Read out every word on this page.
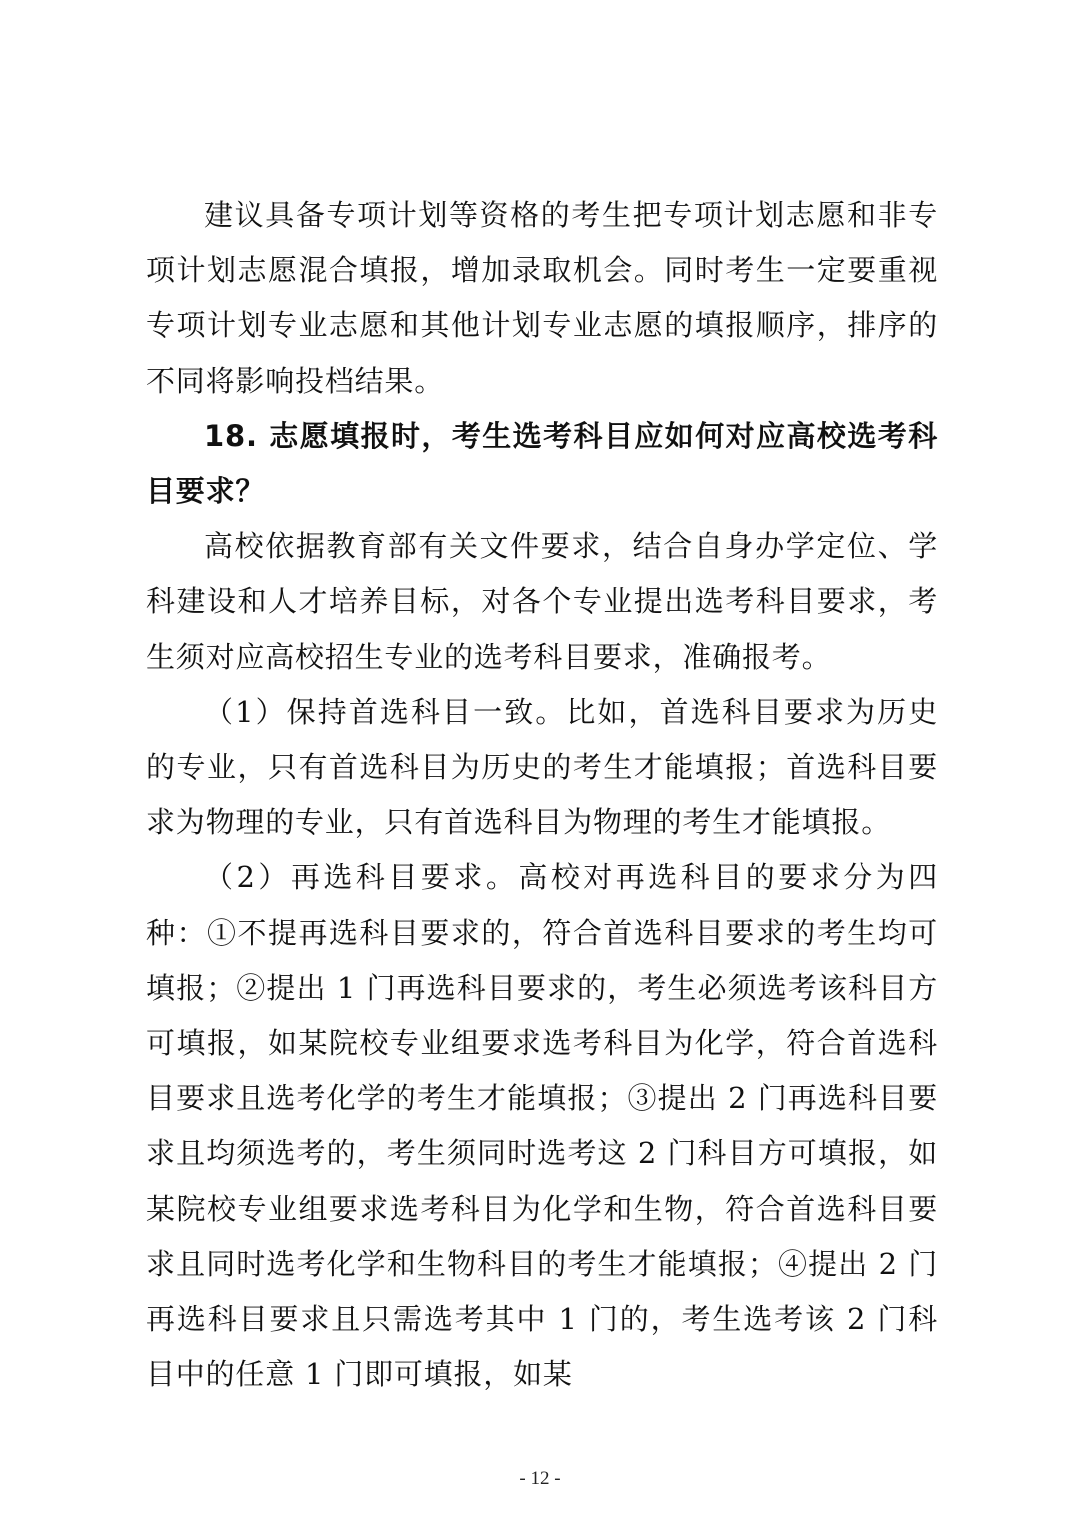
建议具备专项计划等资格的考生把专项计划志愿和非专项计划志愿混合填报，增加录取机会。同时考生一定要重视专项计划专业志愿和其他计划专业志愿的填报顺序，排序的不同将影响投档结果。

18. 志愿填报时，考生选考科目应如何对应高校选考科目要求？

高校依据教育部有关文件要求，结合自身办学定位、学科建设和人才培养目标，对各个专业提出选考科目要求，考生须对应高校招生专业的选考科目要求，准确报考。

（1）保持首选科目一致。比如，首选科目要求为历史的专业，只有首选科目为历史的考生才能填报；首选科目要求为物理的专业，只有首选科目为物理的考生才能填报。

（2）再选科目要求。高校对再选科目的要求分为四种：①不提再选科目要求的，符合首选科目要求的考生均可填报；②提出 1 门再选科目要求的，考生必须选考该科目方可填报，如某院校专业组要求选考科目为化学，符合首选科目要求且选考化学的考生才能填报；③提出 2 门再选科目要求且均须选考的，考生须同时选考这 2 门科目方可填报，如某院校专业组要求选考科目为化学和生物，符合首选科目要求且同时选考化学和生物科目的考生才能填报；④提出 2 门再选科目要求且只需选考其中 1 门的，考生选考该 2 门科目中的任意 1 门即可填报，如某

- 12 -
